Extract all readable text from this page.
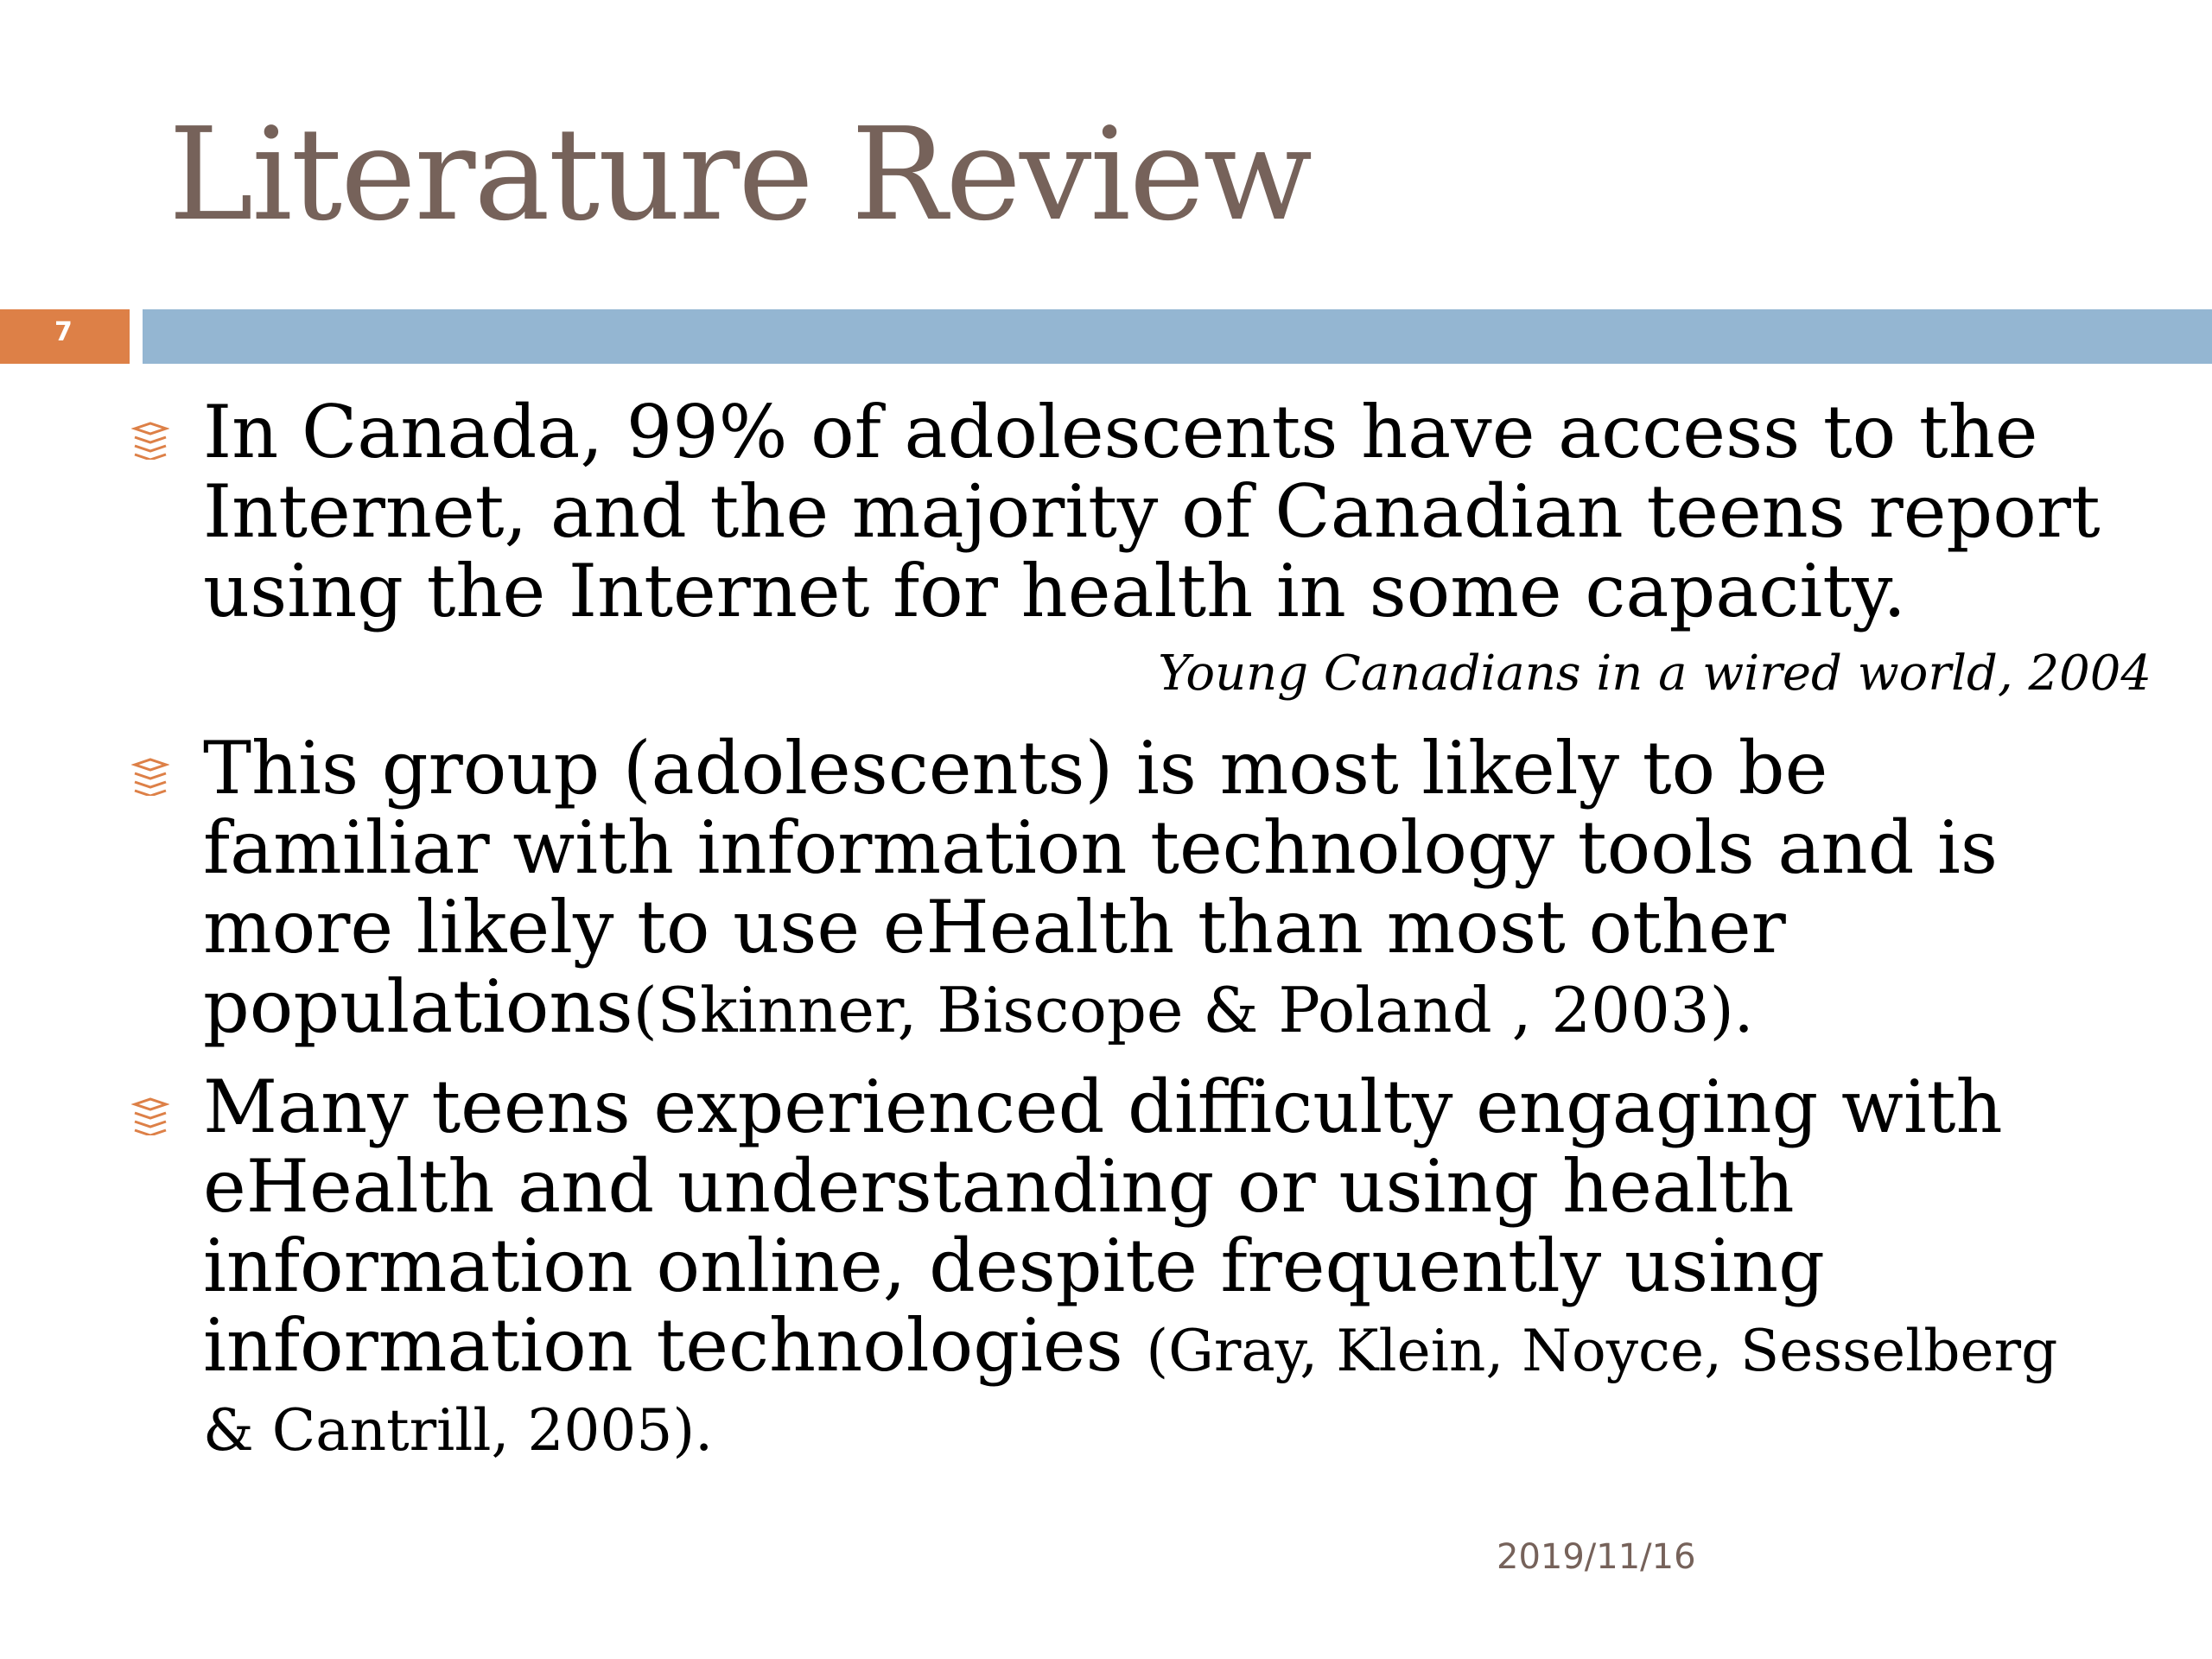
Literature Review
7
In Canada, 99% of adolescents have access to the
Internet, and the majority of Canadian teens report
using the Internet for health in some capacity.
Young Canadians in a wired world, 2004
This group (adolescents) is most likely to be
familiar with information technology tools and is
more likely to use eHealth than most other
populations(Skinner, Biscope & Poland , 2003).
Many teens experienced difficulty engaging with
eHealth and understanding or using health
information online, despite frequently using
information technologies (Gray, Klein, Noyce, Sesselberg
& Cantrill, 2005).
2019/11/16
